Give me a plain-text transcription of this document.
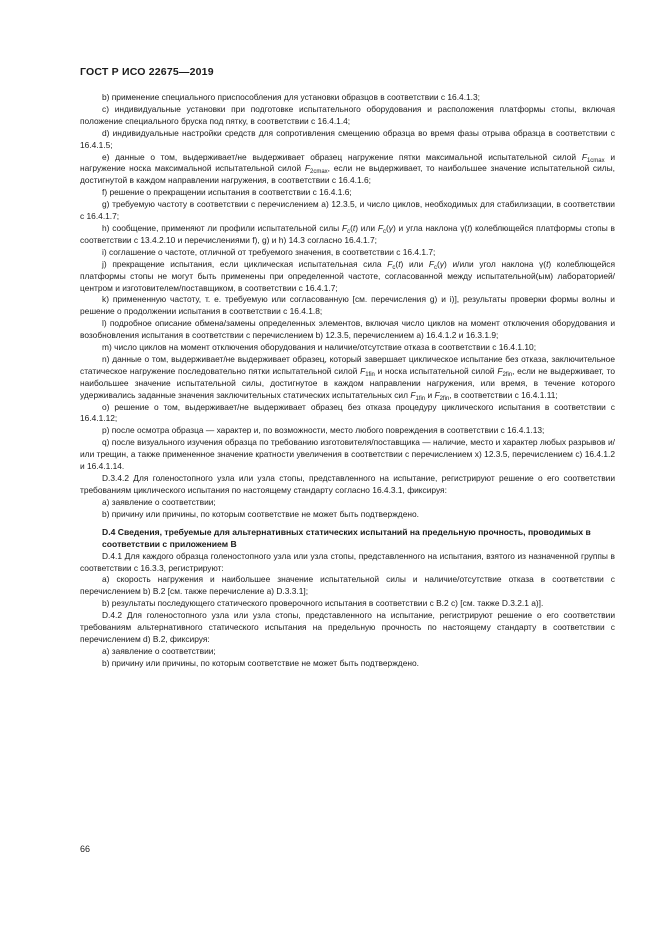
ГОСТ Р ИСО 22675—2019

b) применение специального приспособления для установки образцов в соответствии с 16.4.1.3;

c) индивидуальные установки при подготовке испытательного оборудования и расположения платформы стопы, включая положение специального бруска под пятку, в соответствии с 16.4.1.4;

d) индивидуальные настройки средств для сопротивления смещению образца во время фазы отрыва образца в соответствии с 16.4.1.5;

e) данные о том, выдерживает/не выдерживает образец нагружение пятки максимальной испытательной силой $F_{1cmax}$ и нагружение носка максимальной испытательной силой $F_{2cmax}$, если не выдерживает, то наибольшее значение испытательной силы, достигнутой в каждом направлении нагружения, в соответствии с 16.4.1.6;

f) решение о прекращении испытания в соответствии с 16.4.1.6;

g) требуемую частоту в соответствии с перечислением a) 12.3.5, и число циклов, необходимых для стабилизации, в соответствии с 16.4.1.7;

h) сообщение, применяют ли профили испытательной силы $F_c(t)$ или $F_c(\gamma)$ и угла наклона γ(t) колеблющейся платформы стопы в соответствии с 13.4.2.10 и перечислениями f), g) и h) 14.3 согласно 16.4.1.7;

i) соглашение о частоте, отличной от требуемого значения, в соответствии с 16.4.1.7;

j) прекращение испытания, если циклическая испытательная сила $F_c(t)$ или $F_c(\gamma)$ и/или угол наклона γ(t) колеблющейся платформы стопы не могут быть применены при определенной частоте, согласованной между испытательной(ым) лабораторией/центром и изготовителем/поставщиком, в соответствии с 16.4.1.7;

k) примененную частоту, т. е. требуемую или согласованную [см. перечисления g) и i)], результаты проверки формы волны и решение о продолжении испытания в соответствии с 16.4.1.8;

l) подробное описание обмена/замены определенных элементов, включая число циклов на момент отключения оборудования и возобновления испытания в соответствии с перечислением b) 12.3.5, перечислением a) 16.4.1.2 и 16.3.1.9;

m) число циклов на момент отключения оборудования и наличие/отсутствие отказа в соответствии с 16.4.1.10;

n) данные о том, выдерживает/не выдерживает образец, который завершает циклическое испытание без отказа, заключительное статическое нагружение последовательно пятки испытательной силой $F_{1fin}$ и носка испытательной силой $F_{2fin}$, если не выдерживает, то наибольшее значение испытательной силы, достигнутое в каждом направлении нагружения, или время, в течение которого удерживались заданные значения заключительных статических испытательных сил $F_{1fin}$ и $F_{2fin}$, в соответствии с 16.4.1.11;

o) решение о том, выдерживает/не выдерживает образец без отказа процедуру циклического испытания в соответствии с 16.4.1.12;

p) после осмотра образца — характер и, по возможности, место любого повреждения в соответствии с 16.4.1.13;

q) после визуального изучения образца по требованию изготовителя/поставщика — наличие, место и характер любых разрывов и/или трещин, а также примененное значение кратности увеличения в соответствии с перечислением x) 12.3.5, перечислением c) 16.4.1.2 и 16.4.1.14.

D.3.4.2 Для голеностопного узла или узла стопы, представленного на испытание, регистрируют решение о его соответствии требованиям циклического испытания по настоящему стандарту согласно 16.4.3.1, фиксируя:

a) заявление о соответствии;

b) причину или причины, по которым соответствие не может быть подтверждено.

D.4 Сведения, требуемые для альтернативных статических испытаний на предельную прочность, проводимых в соответствии с приложением B

D.4.1 Для каждого образца голеностопного узла или узла стопы, представленного на испытания, взятого из назначенной группы в соответствии с 16.3.3, регистрируют:

a) скорость нагружения и наибольшее значение испытательной силы и наличие/отсутствие отказа в соответствии с перечислением b) B.2 [см. также перечисление a) D.3.3.1];

b) результаты последующего статического проверочного испытания в соответствии с B.2 c) [см. также D.3.2.1 a)].

D.4.2 Для голеностопного узла или узла стопы, представленного на испытание, регистрируют решение о его соответствии требованиям альтернативного статического испытания на предельную прочность по настоящему стандарту в соответствии с перечислением d) B.2, фиксируя:

a) заявление о соответствии;

b) причину или причины, по которым соответствие не может быть подтверждено.

66
